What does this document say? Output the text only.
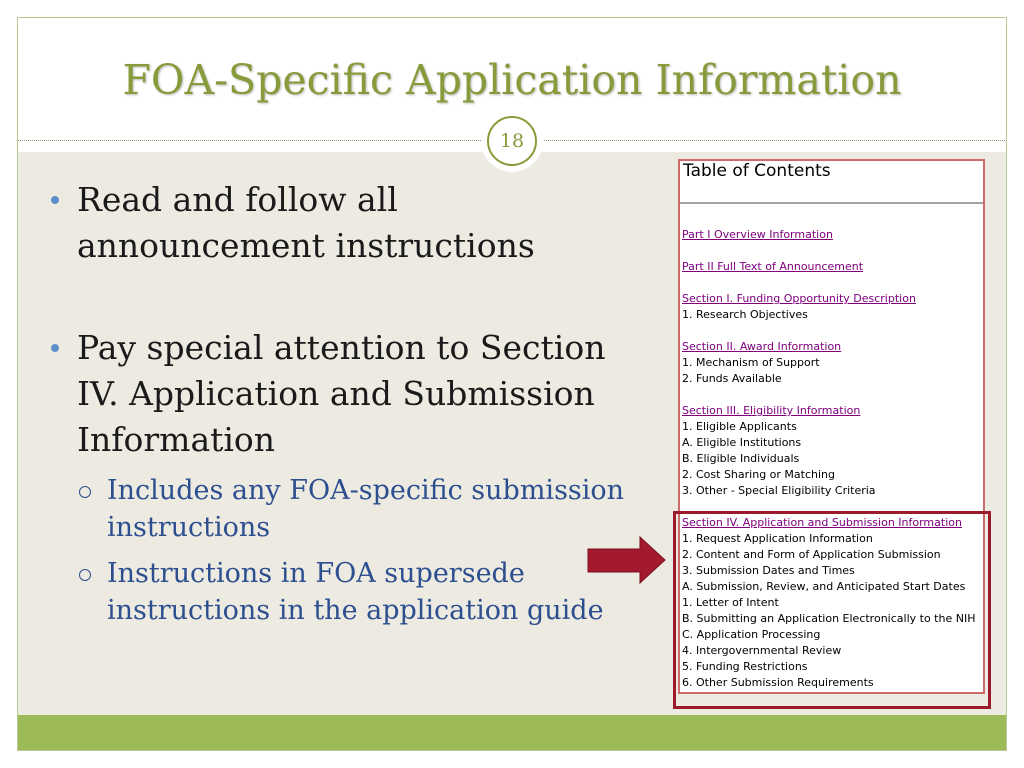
FOA-Specific Application Information
18
Read and follow all
announcement instructions
Pay special attention to Section
IV. Application and Submission
Information
Includes any FOA-specific submission
instructions
Instructions in FOA supersede
instructions in the application guide
Table of Contents
Part I Overview Information
Part II Full Text of Announcement
Section I. Funding Opportunity Description
1. Research Objectives
Section II. Award Information
1. Mechanism of Support
2. Funds Available
Section III. Eligibility Information
1. Eligible Applicants
A. Eligible Institutions
B. Eligible Individuals
2. Cost Sharing or Matching
3. Other - Special Eligibility Criteria
Section IV. Application and Submission Information
1. Request Application Information
2. Content and Form of Application Submission
3. Submission Dates and Times
A. Submission, Review, and Anticipated Start Dates
1. Letter of Intent
B. Submitting an Application Electronically to the NIH
C. Application Processing
4. Intergovernmental Review
5. Funding Restrictions
6. Other Submission Requirements
